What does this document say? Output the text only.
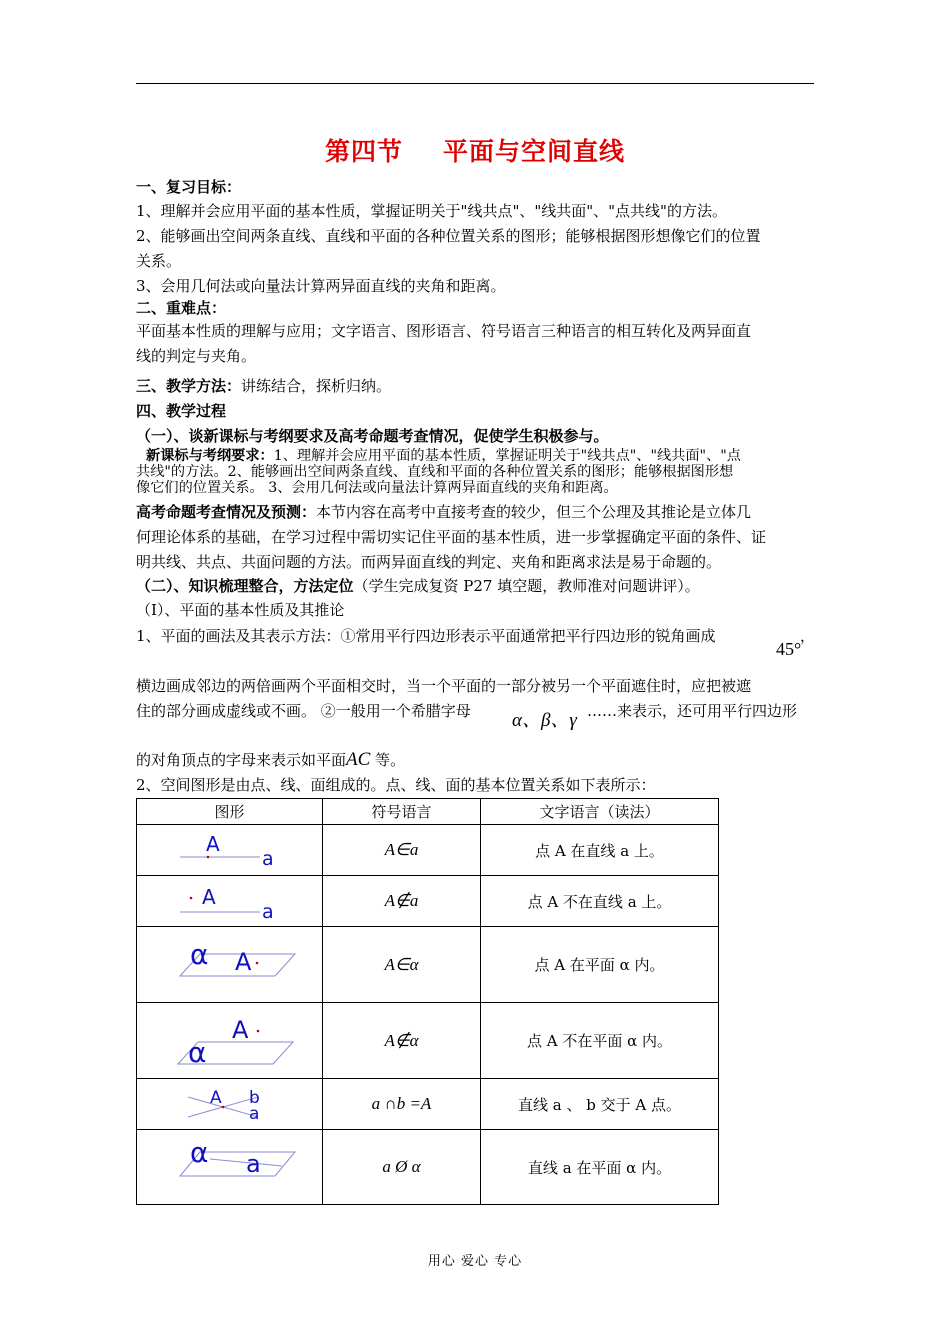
第四节 平面与空间直线
一、复习目标：
1、理解并会应用平面的基本性质，掌握证明关于"线共点"、"线共面"、"点共线"的方法。
2、能够画出空间两条直线、直线和平面的各种位置关系的图形；能够根据图形想像它们的位置
关系。
3、会用几何法或向量法计算两异面直线的夹角和距离。
二、重难点：
平面基本性质的理解与应用；文字语言、图形语言、符号语言三种语言的相互转化及两异面直
线的判定与夹角。
三、教学方法：讲练结合，探析归纳。
四、教学过程
（一）、谈新课标与考纲要求及高考命题考查情况，促使学生积极参与。
新课标与考纲要求：1、理解并会应用平面的基本性质，掌握证明关于"线共点"、"线共面"、"点
共线"的方法。2、能够画出空间两条直线、直线和平面的各种位置关系的图形；能够根据图形想
像它们的位置关系。 3、会用几何法或向量法计算两异面直线的夹角和距离。
高考命题考查情况及预测：本节内容在高考中直接考查的较少，但三个公理及其推论是立体几
何理论体系的基础，在学习过程中需切实记住平面的基本性质，进一步掌握确定平面的条件、证
明共线、共点、共面问题的方法。而两异面直线的判定、夹角和距离求法是易于命题的。
（二）、知识梳理整合，方法定位（学生完成复资 P27 填空题，教师准对问题讲评）。
（Ⅰ）、平面的基本性质及其推论
1、平面的画法及其表示方法：①常用平行四边形表示平面通常把平行四边形的锐角画成
45°
，
横边画成邻边的两倍画两个平面相交时，当一个平面的一部分被另一个平面遮住时，应把被遮
住的部分画成虚线或不画。 ②一般用一个希腊字母 α、β、γ ……来表示，还可用平行四边形
的对角顶点的字母来表示如平面AC 等。
2、空间图形是由点、线、面组成的。点、线、面的基本位置关系如下表所示：
图形	符号语言	文字语言（读法）

A
a	A∈a	点 A 在直线 a 上。

A
a	A∉a	点 A 不在直线 a 上。

α A	A∈α	点 A 在平面 α 内。

α
A	A∉α	点 A 不在平面 α 内。

A b
a	a ∩b =A	直线 a 、 b 交于 A 点。

α a	a Ø α	直线 a 在平面 α 内。
用心 爱心 专心
